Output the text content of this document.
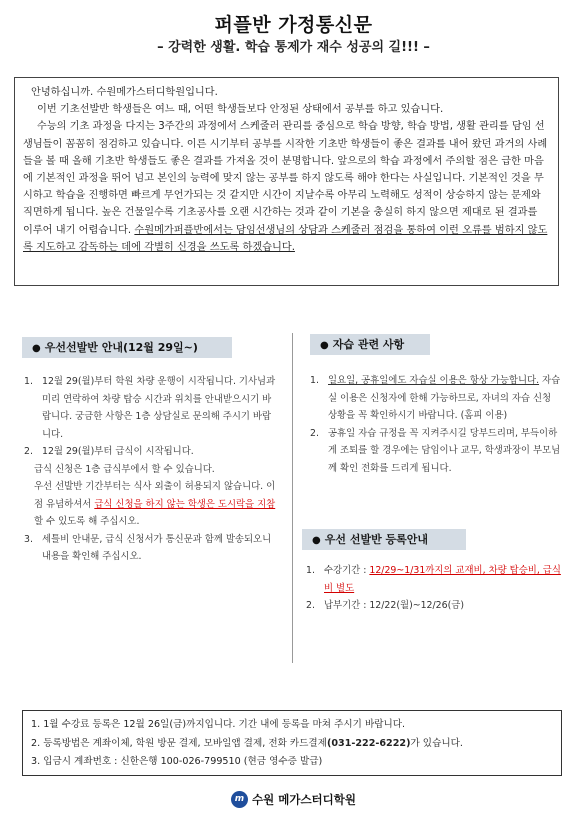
퍼플반 가정통신문
– 강력한 생활. 학습 통제가 재수 성공의 길!!! –

안녕하십니까. 수원메가스터디학원입니다.

이번 기초선발반 학생들은 여느 때, 어떤 학생들보다 안정된 상태에서 공부를 하고 있습니다.

수능의 기초 과정을 다지는 3주간의 과정에서 스케줄러 관리를 중심으로 학습 방향, 학습 방법, 생활 관리를 담임 선생님들이 꼼꼼히 점검하고 있습니다. 이른 시기부터 공부를 시작한 기초반 학생들이 좋은 결과를 내어 왔던 과거의 사례들을 볼 때 올해 기초반 학생들도 좋은 결과를 가져올 것이 분명합니다. 앞으로의 학습 과정에서 주의할 점은 급한 마음에 기본적인 과정을 뛰어 넘고 본인의 능력에 맞지 않는 공부를 하지 않도록 해야 한다는 사실입니다. 기본적인 것을 무시하고 학습을 진행하면 빠르게 무언가되는 것 같지만 시간이 지날수록 아무리 노력해도 성적이 상승하지 않는 문제와 직면하게 됩니다. 높은 건물일수록 기초공사를 오랜 시간하는 것과 같이 기본을 충실히 하지 않으면 제대로 된 결과를 이루어 내기 어렵습니다. 수원메가퍼플반에서는 담임선생님의 상담과 스케줄러 점검을 통하여 이런 오류를 범하지 않도록 지도하고 감독하는 데에 각별히 신경을 쓰도록 하겠습니다.

● 우선선발반 안내(12월 29일~)
1. 12월 29(월)부터 학원 차량 운행이 시작됩니다. 기사님과 미리 연락하여 차량 탑승 시간과 위치를 안내받으시기 바랍니다. 궁금한 사항은 1층 상담실로 문의해 주시기 바랍니다.
2. 12월 29(월)부터 급식이 시작됩니다.
급식 신청은 1층 급식부에서 할 수 있습니다.
우선 선발반 기간부터는 식사 외출이 허용되지 않습니다. 이점 유념하셔서 급식 신청을 하지 않는 학생은 도시락을 지참할 수 있도록 해 주십시오.
3. 세틀비 안내문, 급식 신청서가 통신문과 함께 발송되오니 내용을 확인해 주십시오.
● 자습 관련 사항
1. 일요일, 공휴일에도 자습실 이용은 항상 가능합니다. 자습실 이용은 신청자에 한해 가능하므로, 자녀의 자습 신청 상황을 꼭 확인하시기 바랍니다. (홈피 이용)
2. 공휴일 자습 규정을 꼭 지켜주시길 당부드리며, 부득이하게 조퇴를 할 경우에는 담임이나 교무, 학생과장이 부모님께 확인 전화를 드리게 됩니다.
● 우선 선발반 등록안내
1. 수강기간 : 12/29~1/31까지의 교재비, 차량 탑승비, 급식비 별도
2. 납부기간 : 12/22(월)~12/26(금)
1. 1월 수강료 등록은 12월 26일(금)까지입니다. 기간 내에 등록을 마쳐 주시기 바랍니다.
2. 등록방법은 계좌이체, 학원 방문 결제, 모바일앱 결제, 전화 카드결제(031-222-6222)가 있습니다.
3. 입금시 계좌번호 : 신한은행 100-026-799510 (현금 영수증 발급)
m 수원 메가스터디학원
